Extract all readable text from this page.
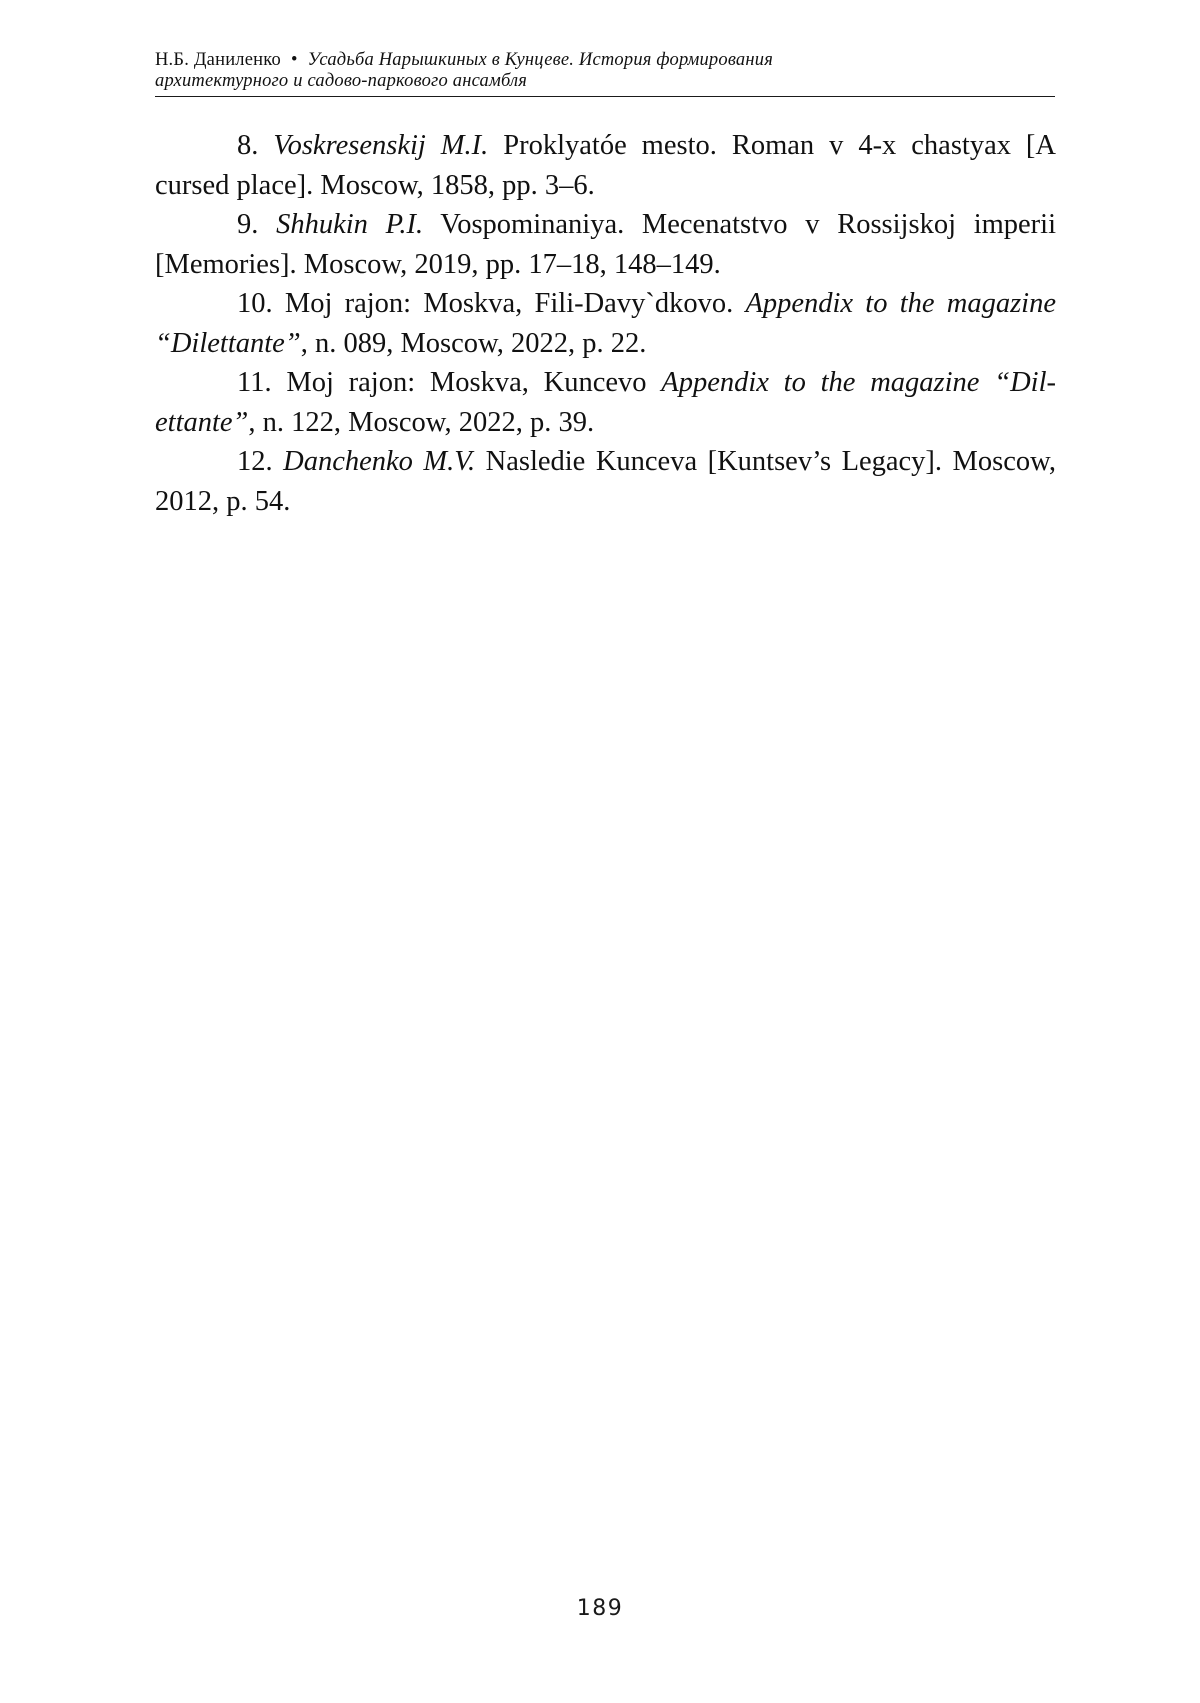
Н.Б. Даниленко • Усадьба Нарышкиных в Кунцеве. История формирования
архитектурного и садово-паркового ансамбля

8. Voskresenskij M.I. Proklyatóe mesto. Roman v 4-x chastyax [A cursed place]. Moscow, 1858, pp. 3–6.

9. Shhukin P.I. Vospominaniya. Mecenatstvo v Rossijskoj imperii [Memories]. Moscow, 2019, pp. 17–18, 148–149.

10. Moj rajon: Moskva, Fili-Davy`dkovo. Appendix to the magazine “Dilettante”, n. 089, Moscow, 2022, p. 22.

11. Moj rajon: Moskva, Kuncevo Appendix to the magazine “Dilettante”, n. 122, Moscow, 2022, p. 39.

12. Danchenko M.V. Nasledie Kunceva [Kuntsev’s Legacy]. Moscow, 2012, p. 54.

189
